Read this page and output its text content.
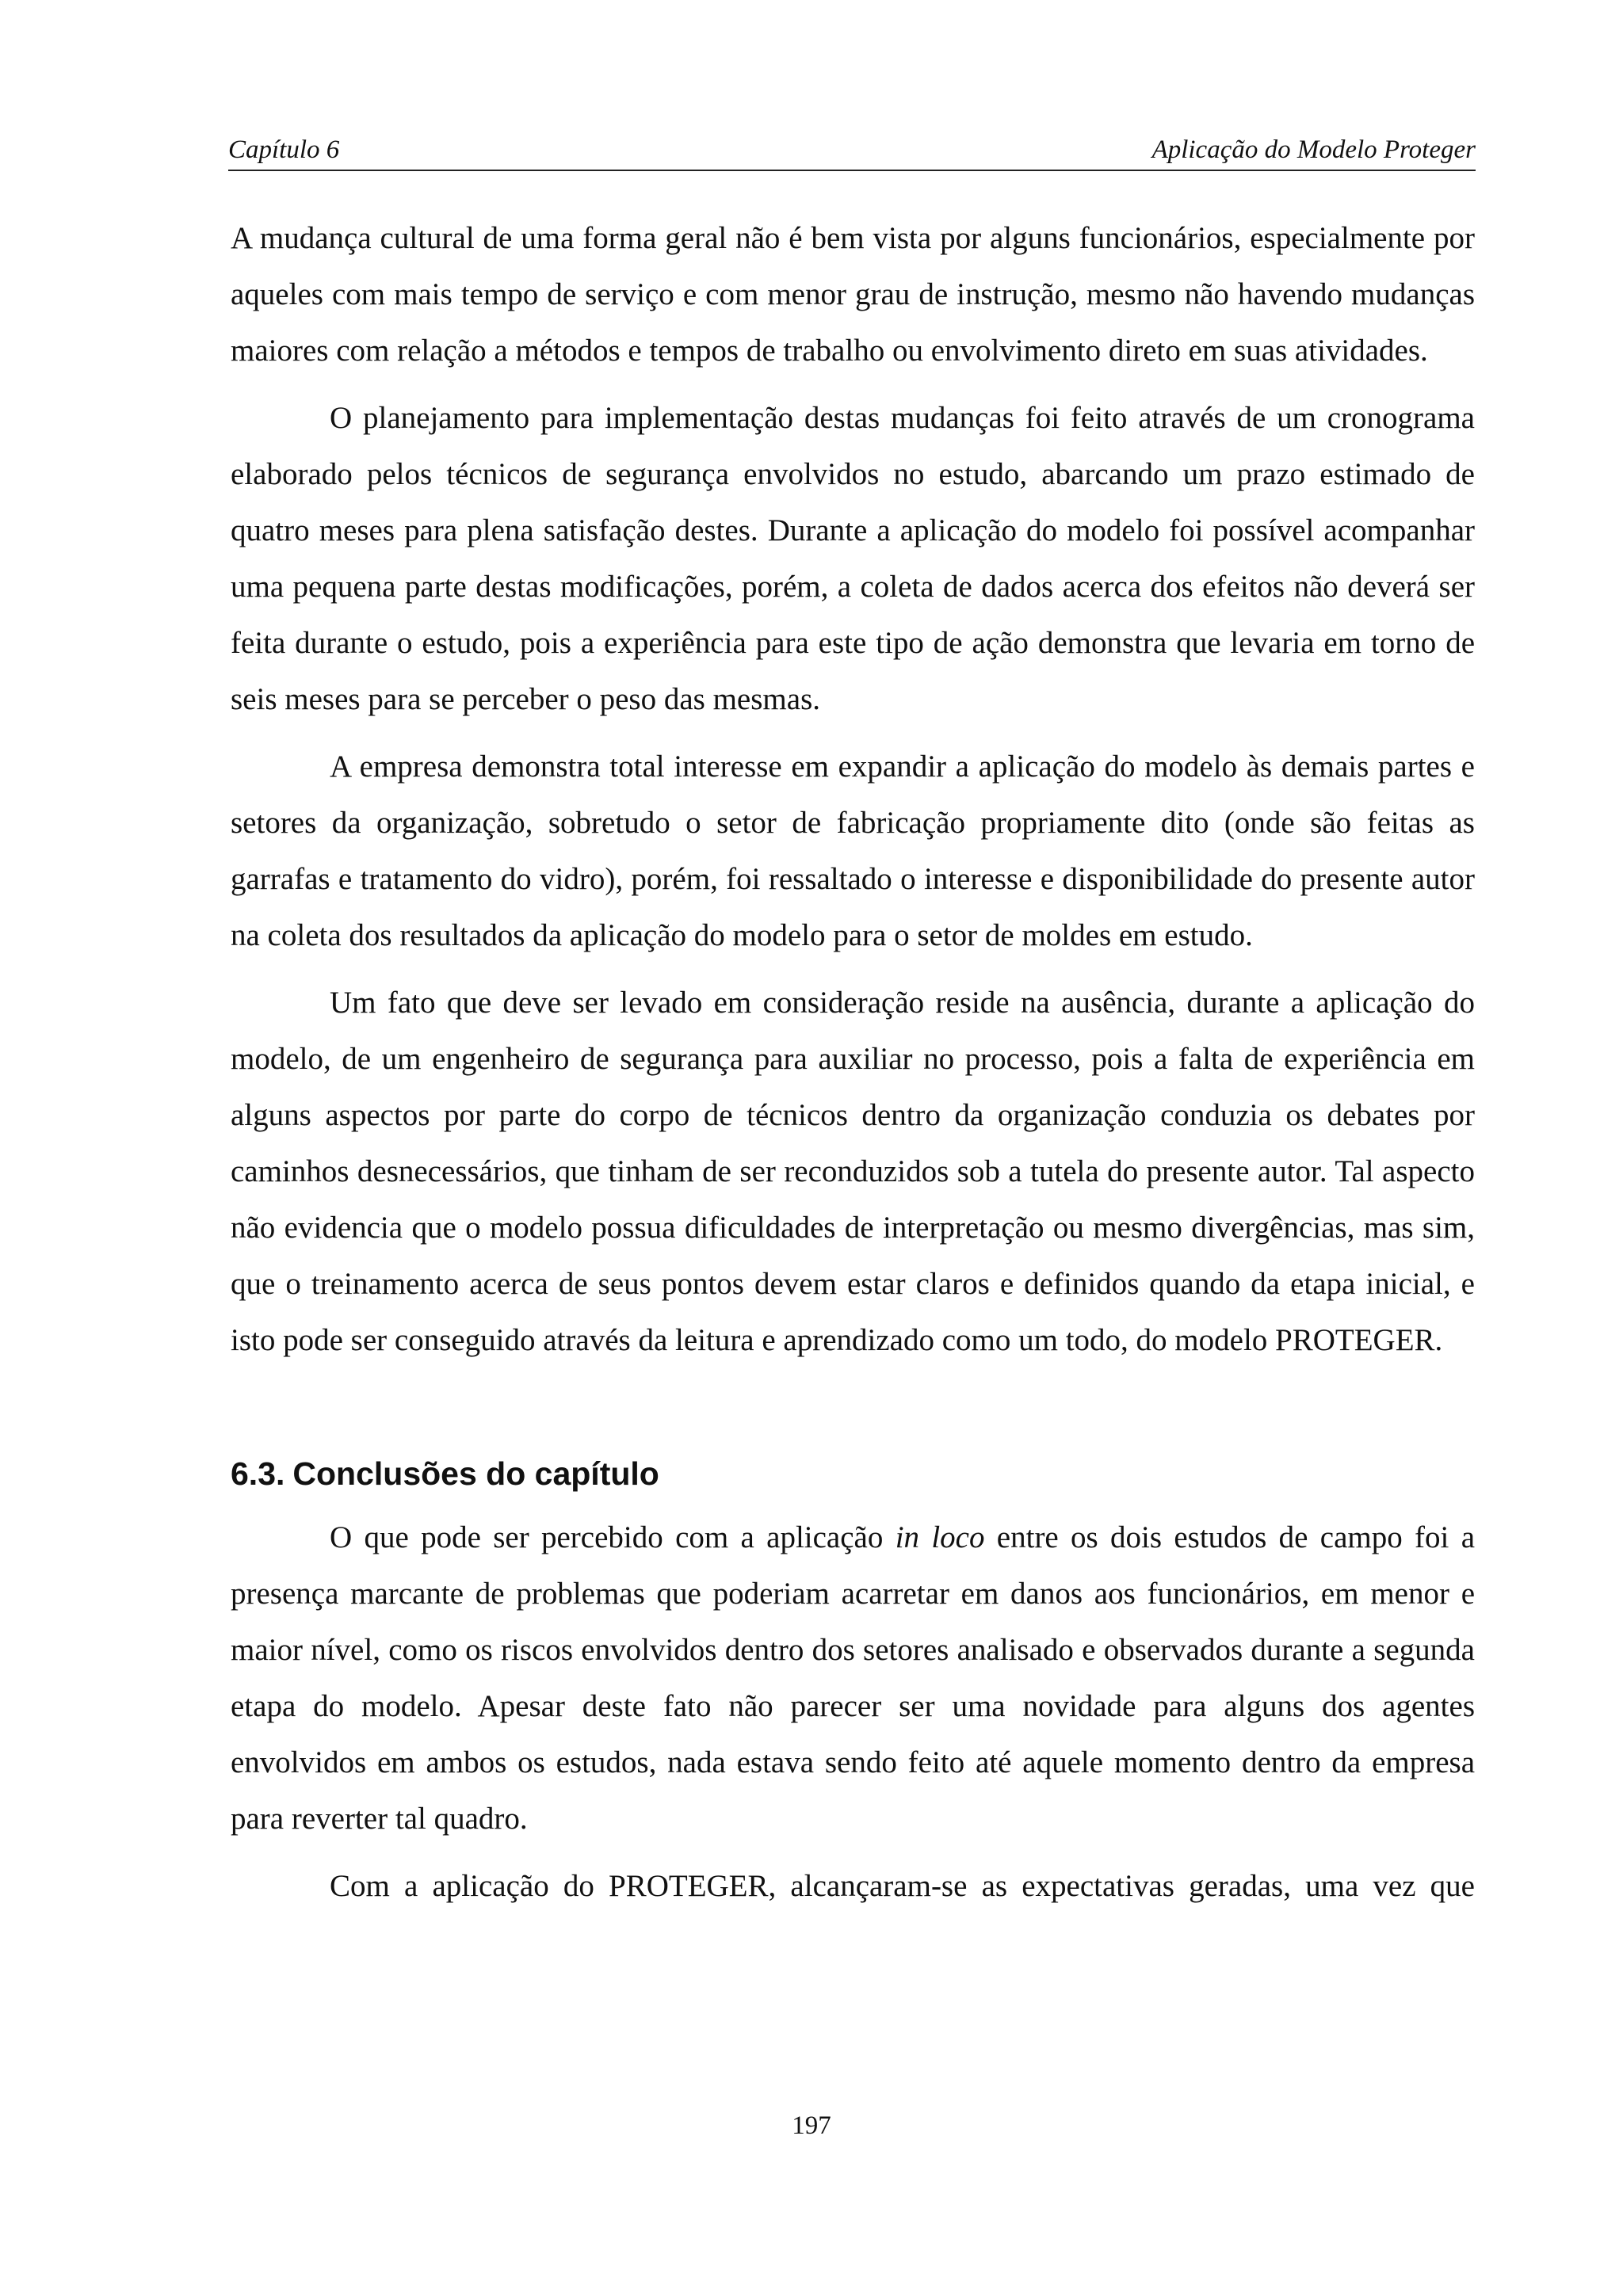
Capítulo 6	Aplicação do Modelo Proteger

A mudança cultural de uma forma geral não é bem vista por alguns funcionários, especialmente por aqueles com mais tempo de serviço e com menor grau de instrução, mesmo não havendo mudanças maiores com relação a métodos e tempos de trabalho ou envolvimento direto em suas atividades.

O planejamento para implementação destas mudanças foi feito através de um cronograma elaborado pelos técnicos de segurança envolvidos no estudo, abarcando um prazo estimado de quatro meses para plena satisfação destes. Durante a aplicação do modelo foi possível acompanhar uma pequena parte destas modificações, porém, a coleta de dados acerca dos efeitos não deverá ser feita durante o estudo, pois a experiência para este tipo de ação demonstra que levaria em torno de seis meses para se perceber o peso das mesmas.

A empresa demonstra total interesse em expandir a aplicação do modelo às demais partes e setores da organização, sobretudo o setor de fabricação propriamente dito (onde são feitas as garrafas e tratamento do vidro), porém, foi ressaltado o interesse e disponibilidade do presente autor na coleta dos resultados da aplicação do modelo para o setor de moldes em estudo.

Um fato que deve ser levado em consideração reside na ausência, durante a aplicação do modelo, de um engenheiro de segurança para auxiliar no processo, pois a falta de experiência em alguns aspectos por parte do corpo de técnicos dentro da organização conduzia os debates por caminhos desnecessários, que tinham de ser reconduzidos sob a tutela do presente autor. Tal aspecto não evidencia que o modelo possua dificuldades de interpretação ou mesmo divergências, mas sim, que o treinamento acerca de seus pontos devem estar claros e definidos quando da etapa inicial, e isto pode ser conseguido através da leitura e aprendizado como um todo, do modelo PROTEGER.

6.3. Conclusões do capítulo

O que pode ser percebido com a aplicação in loco entre os dois estudos de campo foi a presença marcante de problemas que poderiam acarretar em danos aos funcionários, em menor e maior nível, como os riscos envolvidos dentro dos setores analisado e observados durante a segunda etapa do modelo. Apesar deste fato não parecer ser uma novidade para alguns dos agentes envolvidos em ambos os estudos, nada estava sendo feito até aquele momento dentro da empresa para reverter tal quadro.

Com a aplicação do PROTEGER, alcançaram-se as expectativas geradas, uma vez que

197
